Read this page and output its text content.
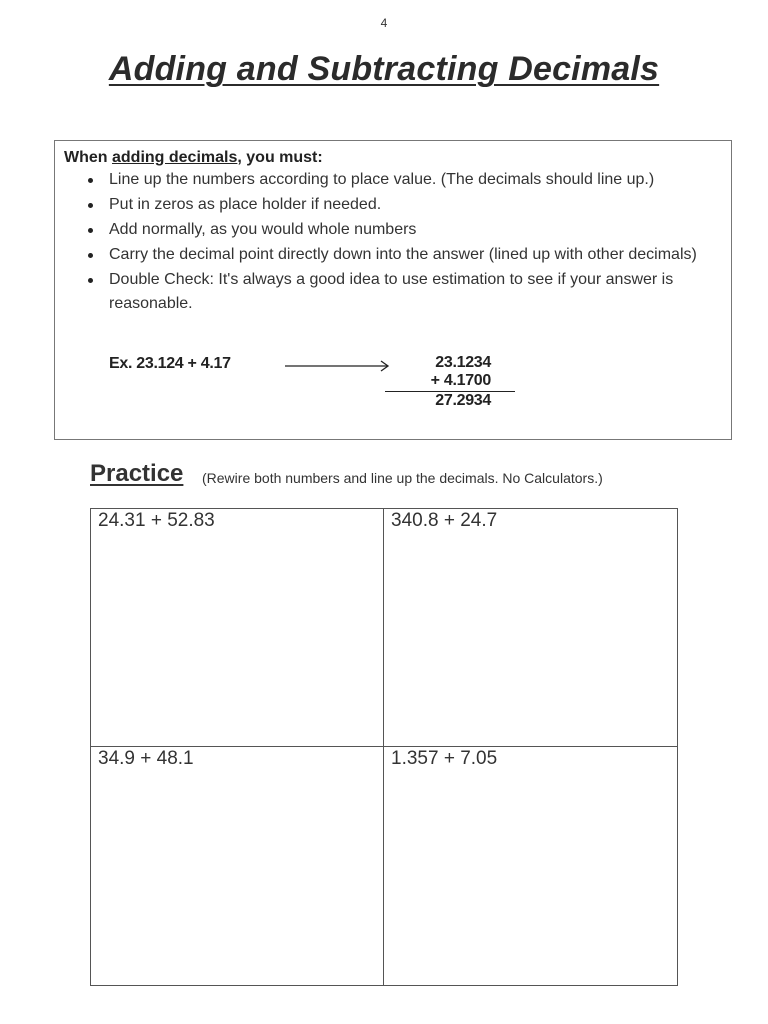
4
Adding and Subtracting Decimals
When adding decimals, you must:
Line up the numbers according to place value. (The decimals should line up.)
Put in zeros as place holder if needed.
Add normally, as you would whole numbers
Carry the decimal point directly down into the answer (lined up with other decimals)
Double Check: It's always a good idea to use estimation to see if your answer is reasonable.
Ex. 23.124 + 4.17	23.1234
+ 4.1700
27.2934
Practice (Rewire both numbers and line up the decimals. No Calculators.)
24.31 + 52.83	340.8 + 24.7
34.9 + 48.1	1.357 + 7.05
